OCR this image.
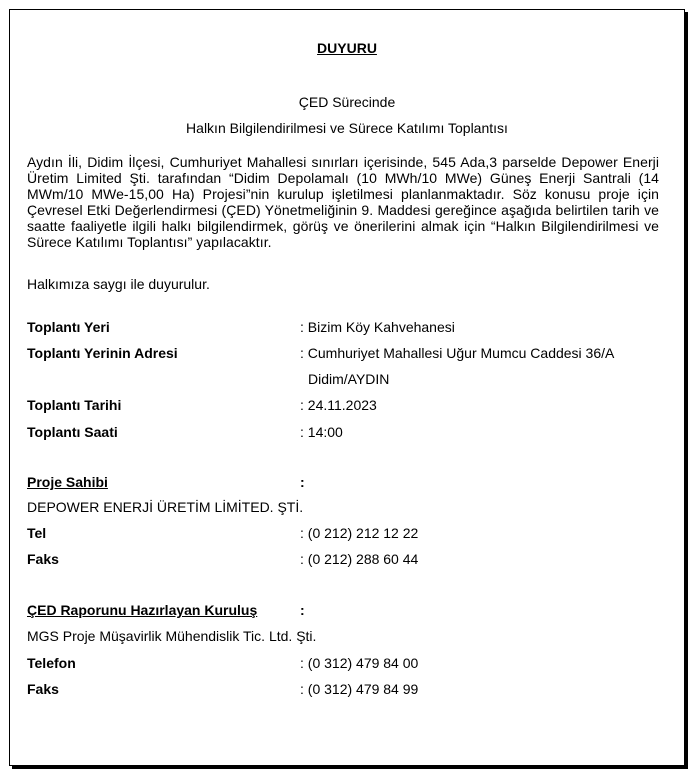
DUYURU
ÇED Sürecinde
Halkın Bilgilendirilmesi ve Sürece Katılımı Toplantısı
Aydın İli, Didim İlçesi, Cumhuriyet Mahallesi sınırları içerisinde, 545 Ada,3 parselde Depower Enerji Üretim Limited Şti. tarafından “Didim Depolamalı (10 MWh/10 MWe) Güneş Enerji Santrali (14 MWm/10 MWe-15,00 Ha) Projesi”nin kurulup işletilmesi planlanmaktadır. Söz konusu proje için Çevresel Etki Değerlendirmesi (ÇED) Yönetmeliğinin 9. Maddesi gereğince aşağıda belirtilen tarih ve saatte faaliyetle ilgili halkı bilgilendirmek, görüş ve önerilerini almak için “Halkın Bilgilendirilmesi ve Sürece Katılımı Toplantısı” yapılacaktır.
Halkımıza saygı ile duyurulur.
Toplantı Yeri	: Bizim Köy Kahvehanesi
Toplantı Yerinin Adresi	: Cumhuriyet Mahallesi Uğur Mumcu Caddesi 36/A
Didim/AYDIN
Toplantı Tarihi	: 24.11.2023
Toplantı Saati	: 14:00
Proje Sahibi	:
DEPOWER ENERJİ ÜRETİM LİMİTED. ŞTİ.
Tel	: (0 212) 212 12 22
Faks	: (0 212) 288 60 44
ÇED Raporunu Hazırlayan Kuruluş	:
MGS Proje Müşavirlik Mühendislik Tic. Ltd. Şti.
Telefon	: (0 312) 479 84 00
Faks	: (0 312) 479 84 99
